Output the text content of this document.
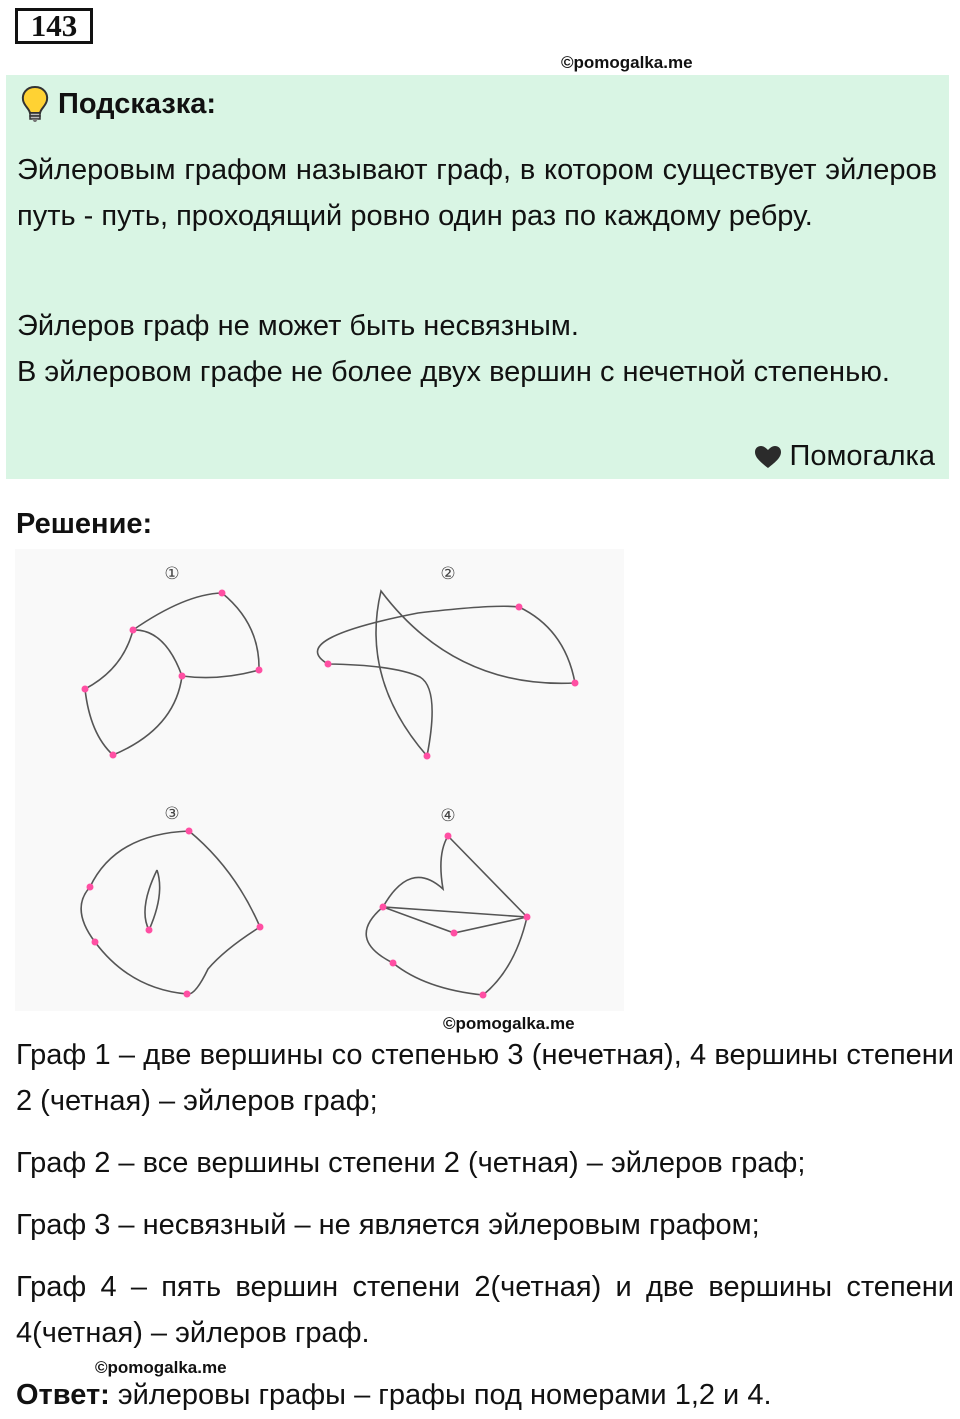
143
©pomogalka.me
Подсказка:
Эйлеровым графом называют граф, в котором существует эйлеров путь - путь, проходящий ровно один раз по каждому ребру.
Эйлеров граф не может быть несвязным.
В эйлеровом графе не более двух вершин с нечетной степенью.
Помогалка
Решение:
①	②
③	④
©pomogalka.me
Граф 1 – две вершины со степенью 3 (нечетная), 4 вершины степени 2 (четная) – эйлеров граф;
Граф 2 – все вершины степени 2 (четная) – эйлеров граф;
Граф 3 – несвязный – не является эйлеровым графом;
Граф 4 – пять вершин степени 2(четная) и две вершины степени 4(четная) – эйлеров граф.
©pomogalka.me
Ответ: эйлеровы графы – графы под номерами 1,2 и 4.
